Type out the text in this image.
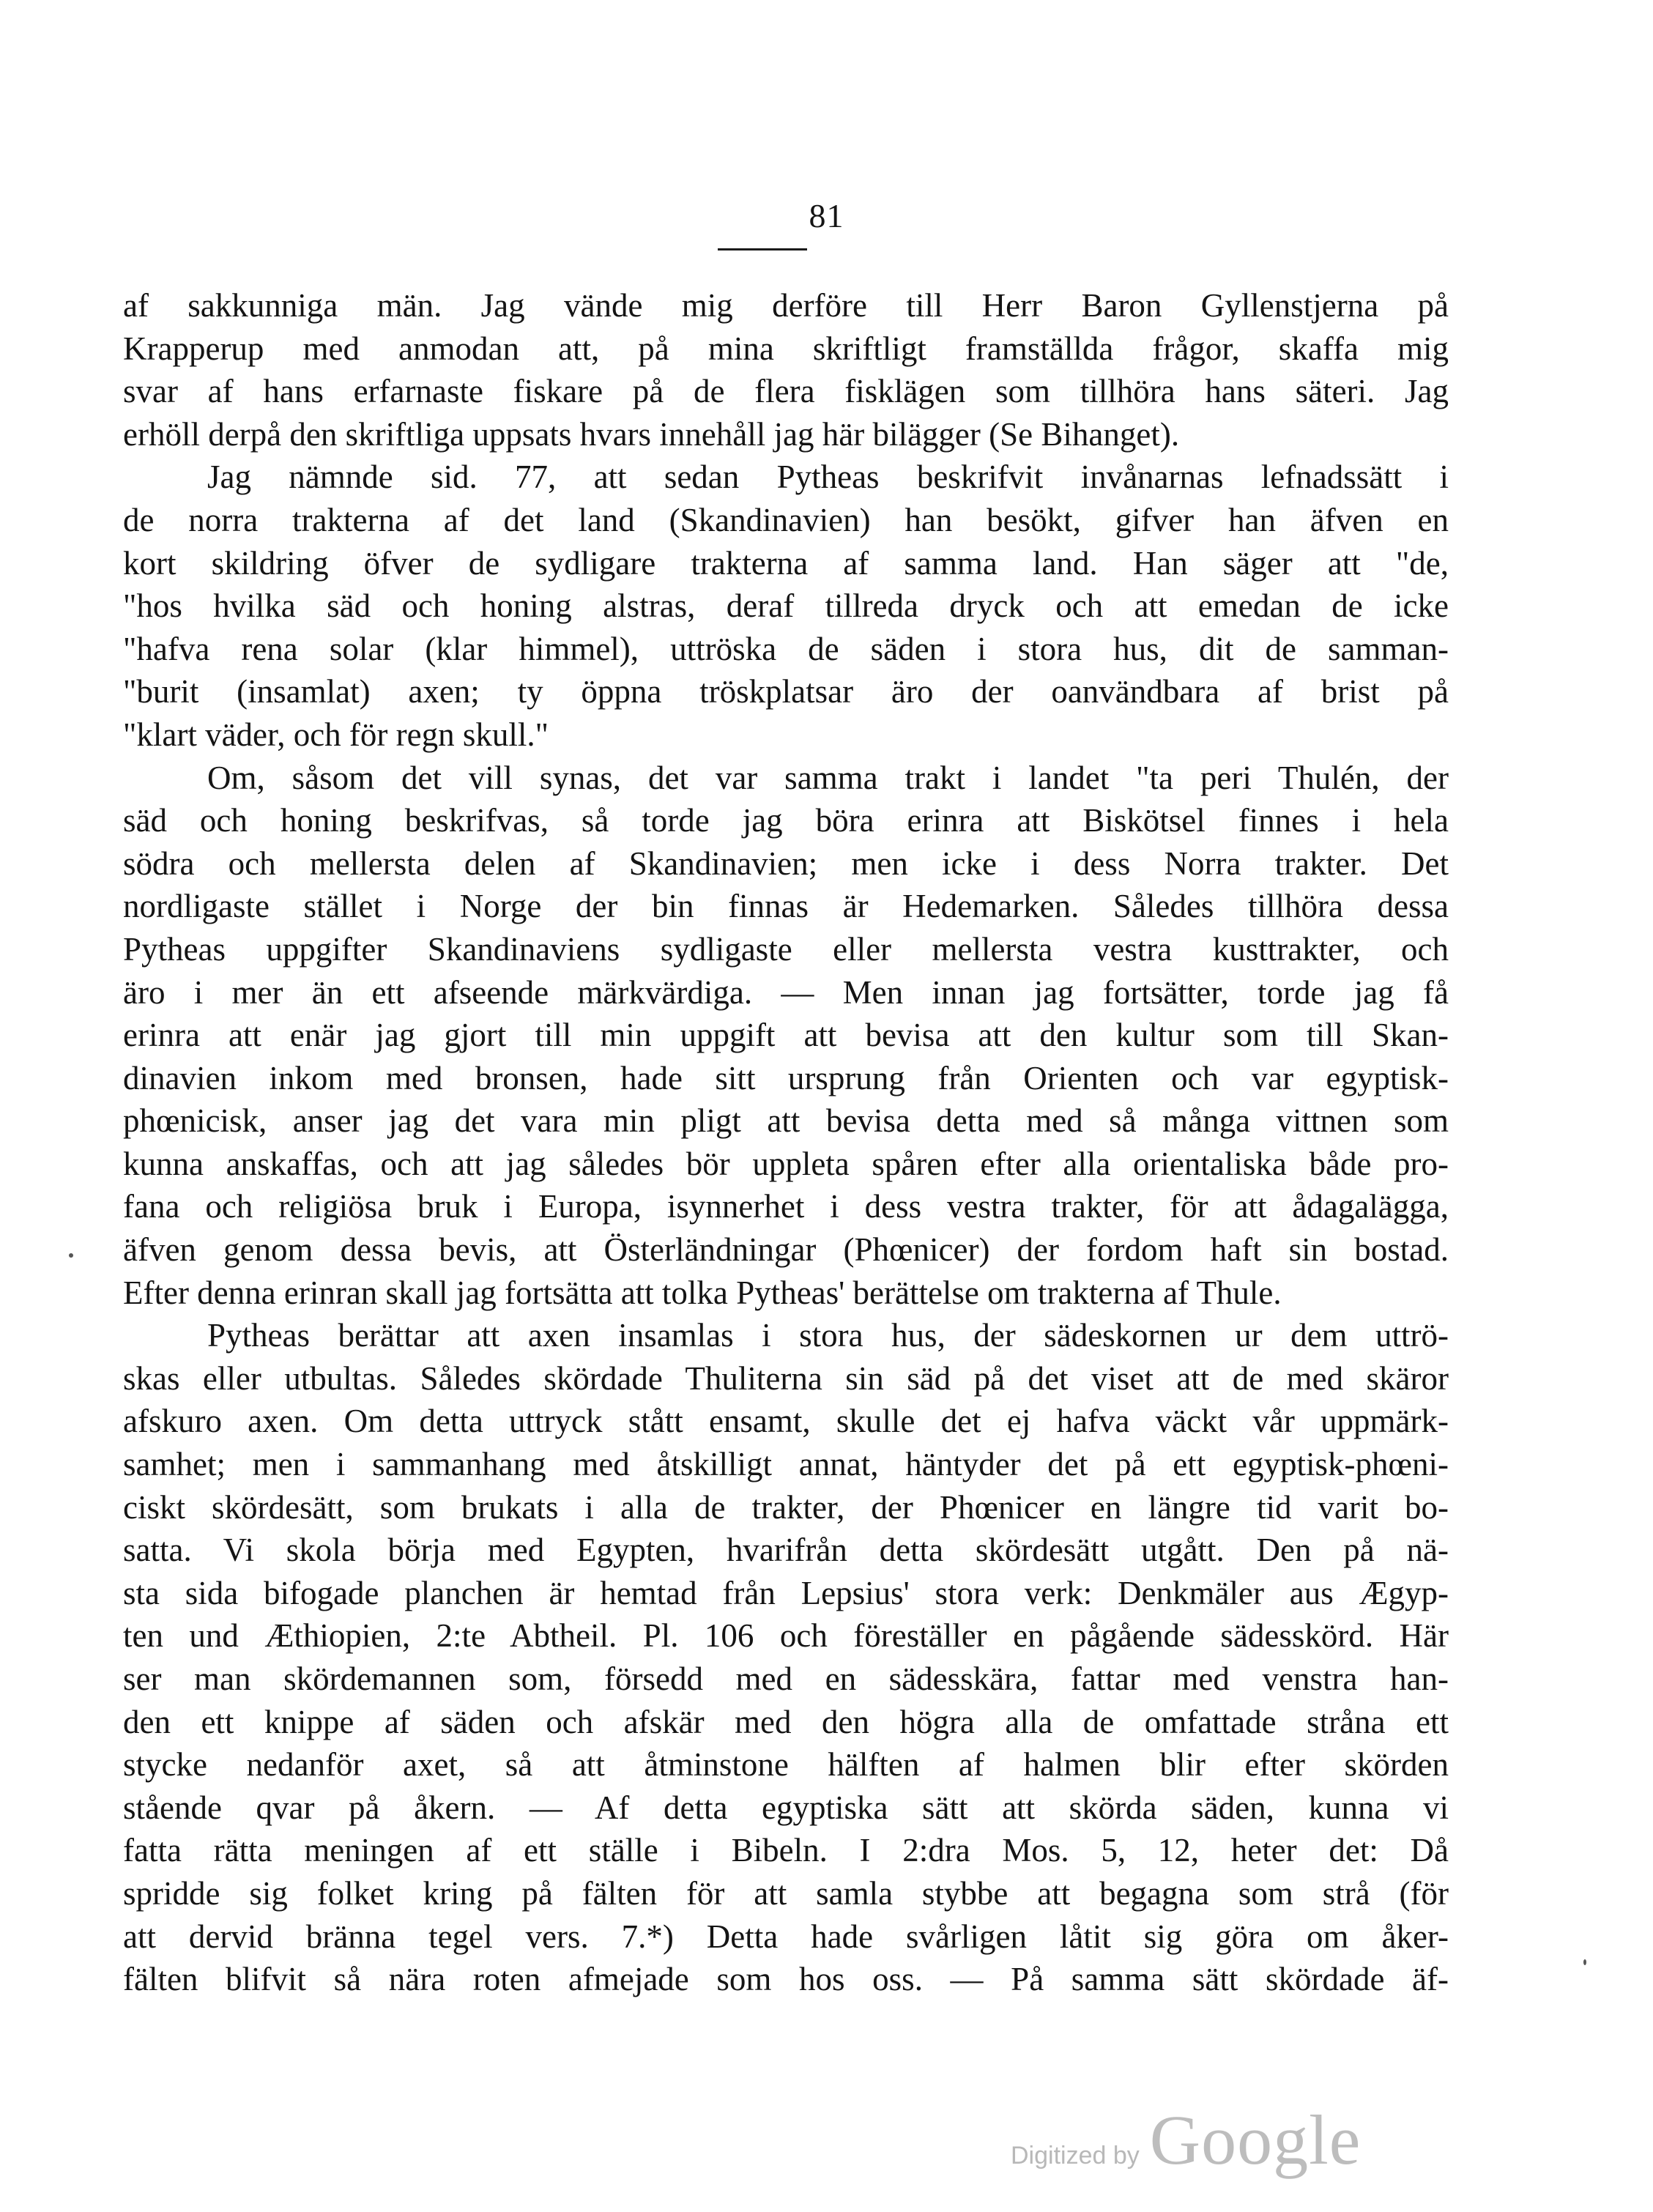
81
af sakkunniga män. Jag vände mig derföre till Herr Baron Gyllenstjerna på
Krapperup med anmodan att, på mina skriftligt framställda frågor, skaffa mig
svar af hans erfarnaste fiskare på de flera fisklägen som tillhöra hans säteri. Jag
erhöll derpå den skriftliga uppsats hvars innehåll jag här bilägger (Se Bihanget).
Jag nämnde sid. 77, att sedan Pytheas beskrifvit invånarnas lefnadssätt i
de norra trakterna af det land (Skandinavien) han besökt, gifver han äfven en
kort skildring öfver de sydligare trakterna af samma land. Han säger att "de,
"hos hvilka säd och honing alstras, deraf tillreda dryck och att emedan de icke
"hafva rena solar (klar himmel), uttröska de säden i stora hus, dit de samman-
"burit (insamlat) axen; ty öppna tröskplatsar äro der oanvändbara af brist på
"klart väder, och för regn skull."
Om, såsom det vill synas, det var samma trakt i landet "ta peri Thulén, der
säd och honing beskrifvas, så torde jag böra erinra att Biskötsel finnes i hela
södra och mellersta delen af Skandinavien; men icke i dess Norra trakter. Det
nordligaste stället i Norge der bin finnas är Hedemarken. Således tillhöra dessa
Pytheas uppgifter Skandinaviens sydligaste eller mellersta vestra kusttrakter, och
äro i mer än ett afseende märkvärdiga. — Men innan jag fortsätter, torde jag få
erinra att enär jag gjort till min uppgift att bevisa att den kultur som till Skan-
dinavien inkom med bronsen, hade sitt ursprung från Orienten och var egyptisk-
phœnicisk, anser jag det vara min pligt att bevisa detta med så många vittnen som
kunna anskaffas, och att jag således bör uppleta spåren efter alla orientaliska både pro-
fana och religiösa bruk i Europa, isynnerhet i dess vestra trakter, för att ådagalägga,
äfven genom dessa bevis, att Österländningar (Phœnicer) der fordom haft sin bostad.
Efter denna erinran skall jag fortsätta att tolka Pytheas' berättelse om trakterna af Thule.
Pytheas berättar att axen insamlas i stora hus, der sädeskornen ur dem uttrö-
skas eller utbultas. Således skördade Thuliterna sin säd på det viset att de med skäror
afskuro axen. Om detta uttryck stått ensamt, skulle det ej hafva väckt vår uppmärk-
samhet; men i sammanhang med åtskilligt annat, häntyder det på ett egyptisk-phœni-
ciskt skördesätt, som brukats i alla de trakter, der Phœnicer en längre tid varit bo-
satta. Vi skola börja med Egypten, hvarifrån detta skördesätt utgått. Den på nä-
sta sida bifogade planchen är hemtad från Lepsius' stora verk: Denkmäler aus Ægyp-
ten und Æthiopien, 2:te Abtheil. Pl. 106 och föreställer en pågående sädesskörd. Här
ser man skördemannen som, försedd med en sädesskära, fattar med venstra han-
den ett knippe af säden och afskär med den högra alla de omfattade stråna ett
stycke nedanför axet, så att åtminstone hälften af halmen blir efter skörden
stående qvar på åkern. — Af detta egyptiska sätt att skörda säden, kunna vi
fatta rätta meningen af ett ställe i Bibeln. I 2:dra Mos. 5, 12, heter det: Då
spridde sig folket kring på fälten för att samla stybbe att begagna som strå (för
att dervid bränna tegel vers. 7.*) Detta hade svårligen låtit sig göra om åker-
fälten blifvit så nära roten afmejade som hos oss. — På samma sätt skördade äf-
Digitized by Google
